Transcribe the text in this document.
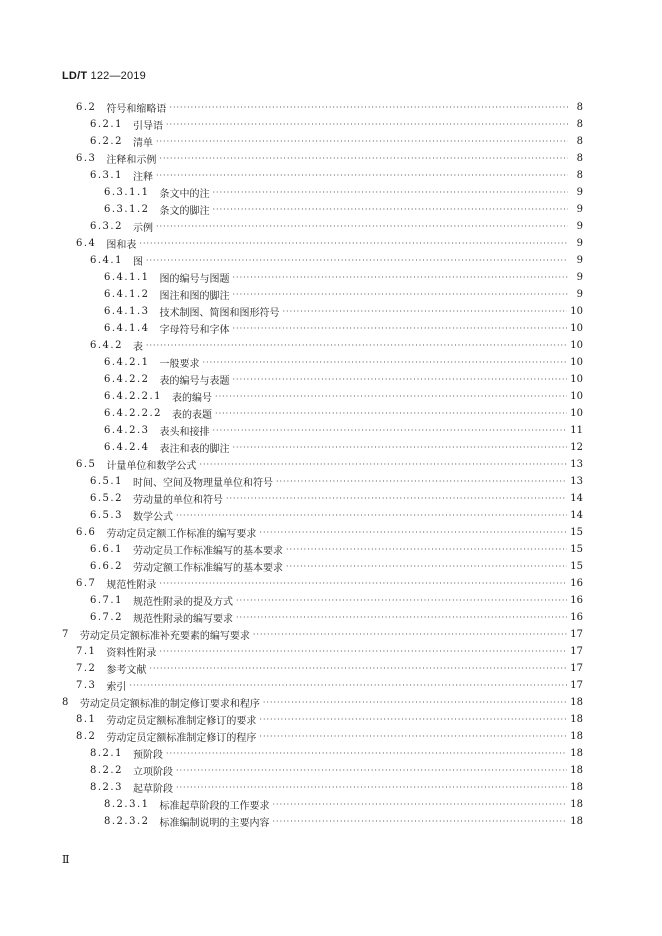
LD/T 122—2019
6.2 符号和缩略语 ·····	8
6.2.1 引导语 ·····	8
6.2.2 清单 ·····	8
6.3 注释和示例 ·····	8
6.3.1 注释 ·····	8
6.3.1.1 条文中的注 ·····	9
6.3.1.2 条文的脚注 ·····	9
6.3.2 示例 ·····	9
6.4 图和表 ·····	9
6.4.1 图 ·····	9
6.4.1.1 图的编号与图题 ·····	9
6.4.1.2 图注和图的脚注 ·····	9
6.4.1.3 技术制图、简图和图形符号 ·····	10
6.4.1.4 字母符号和字体 ·····	10
6.4.2 表 ·····	10
6.4.2.1 一般要求 ·····	10
6.4.2.2 表的编号与表题 ·····	10
6.4.2.2.1 表的编号 ·····	10
6.4.2.2.2 表的表题 ·····	10
6.4.2.3 表头和接排 ·····	11
6.4.2.4 表注和表的脚注 ·····	12
6.5 计量单位和数学公式 ·····	13
6.5.1 时间、空间及物理量单位和符号 ·····	13
6.5.2 劳动量的单位和符号 ·····	14
6.5.3 数学公式 ·····	14
6.6 劳动定员定额工作标准的编写要求 ·····	15
6.6.1 劳动定员工作标准编写的基本要求 ·····	15
6.6.2 劳动定额工作标准编写的基本要求 ·····	15
6.7 规范性附录 ·····	16
6.7.1 规范性附录的提及方式 ·····	16
6.7.2 规范性附录的编写要求 ·····	16
7 劳动定员定额标准补充要素的编写要求 ·····	17
7.1 资料性附录 ·····	17
7.2 参考文献 ·····	17
7.3 索引 ·····	17
8 劳动定员定额标准的制定修订要求和程序 ·····	18
8.1 劳动定员定额标准制定修订的要求 ·····	18
8.2 劳动定员定额标准制定修订的程序 ·····	18
8.2.1 预阶段 ·····	18
8.2.2 立项阶段 ·····	18
8.2.3 起草阶段 ·····	18
8.2.3.1 标准起草阶段的工作要求 ·····	18
8.2.3.2 标准编制说明的主要内容 ·····	18
Ⅱ
